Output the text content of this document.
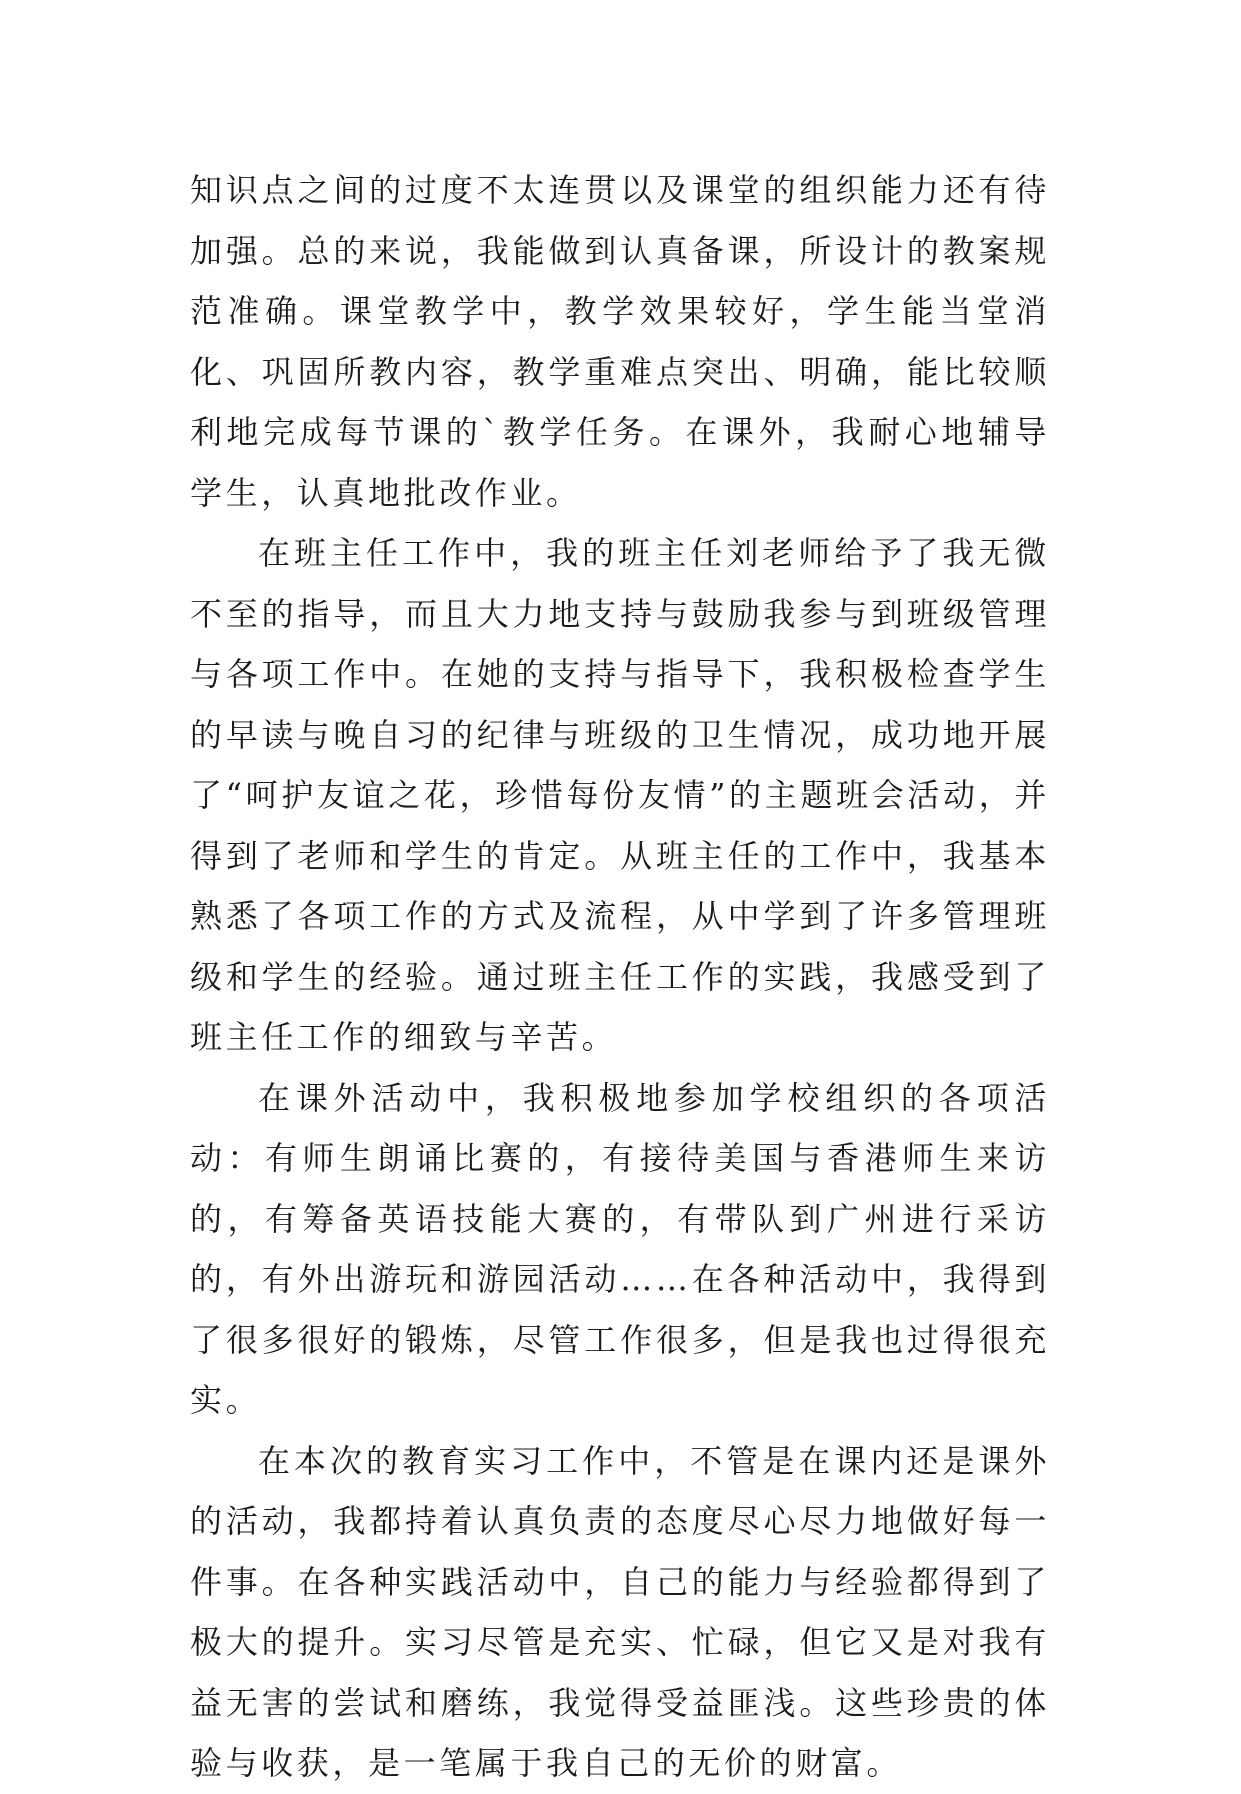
知识点之间的过度不太连贯以及课堂的组织能力还有待加强。总的来说，我能做到认真备课，所设计的教案规范准确。课堂教学中，教学效果较好，学生能当堂消化、巩固所教内容，教学重难点突出、明确，能比较顺利地完成每节课的`教学任务。在课外，我耐心地辅导学生，认真地批改作业。

在班主任工作中，我的班主任刘老师给予了我无微不至的指导，而且大力地支持与鼓励我参与到班级管理与各项工作中。在她的支持与指导下，我积极检查学生的早读与晚自习的纪律与班级的卫生情况，成功地开展了“呵护友谊之花，珍惜每份友情”的主题班会活动，并得到了老师和学生的肯定。从班主任的工作中，我基本熟悉了各项工作的方式及流程，从中学到了许多管理班级和学生的经验。通过班主任工作的实践，我感受到了班主任工作的细致与辛苦。

在课外活动中，我积极地参加学校组织的各项活动：有师生朗诵比赛的，有接待美国与香港师生来访的，有筹备英语技能大赛的，有带队到广州进行采访的，有外出游玩和游园活动……在各种活动中，我得到了很多很好的锻炼，尽管工作很多，但是我也过得很充实。

在本次的教育实习工作中，不管是在课内还是课外的活动，我都持着认真负责的态度尽心尽力地做好每一件事。在各种实践活动中，自己的能力与经验都得到了极大的提升。实习尽管是充实、忙碌，但它又是对我有益无害的尝试和磨练，我觉得受益匪浅。这些珍贵的体验与收获，是一笔属于我自己的无价的财富。
